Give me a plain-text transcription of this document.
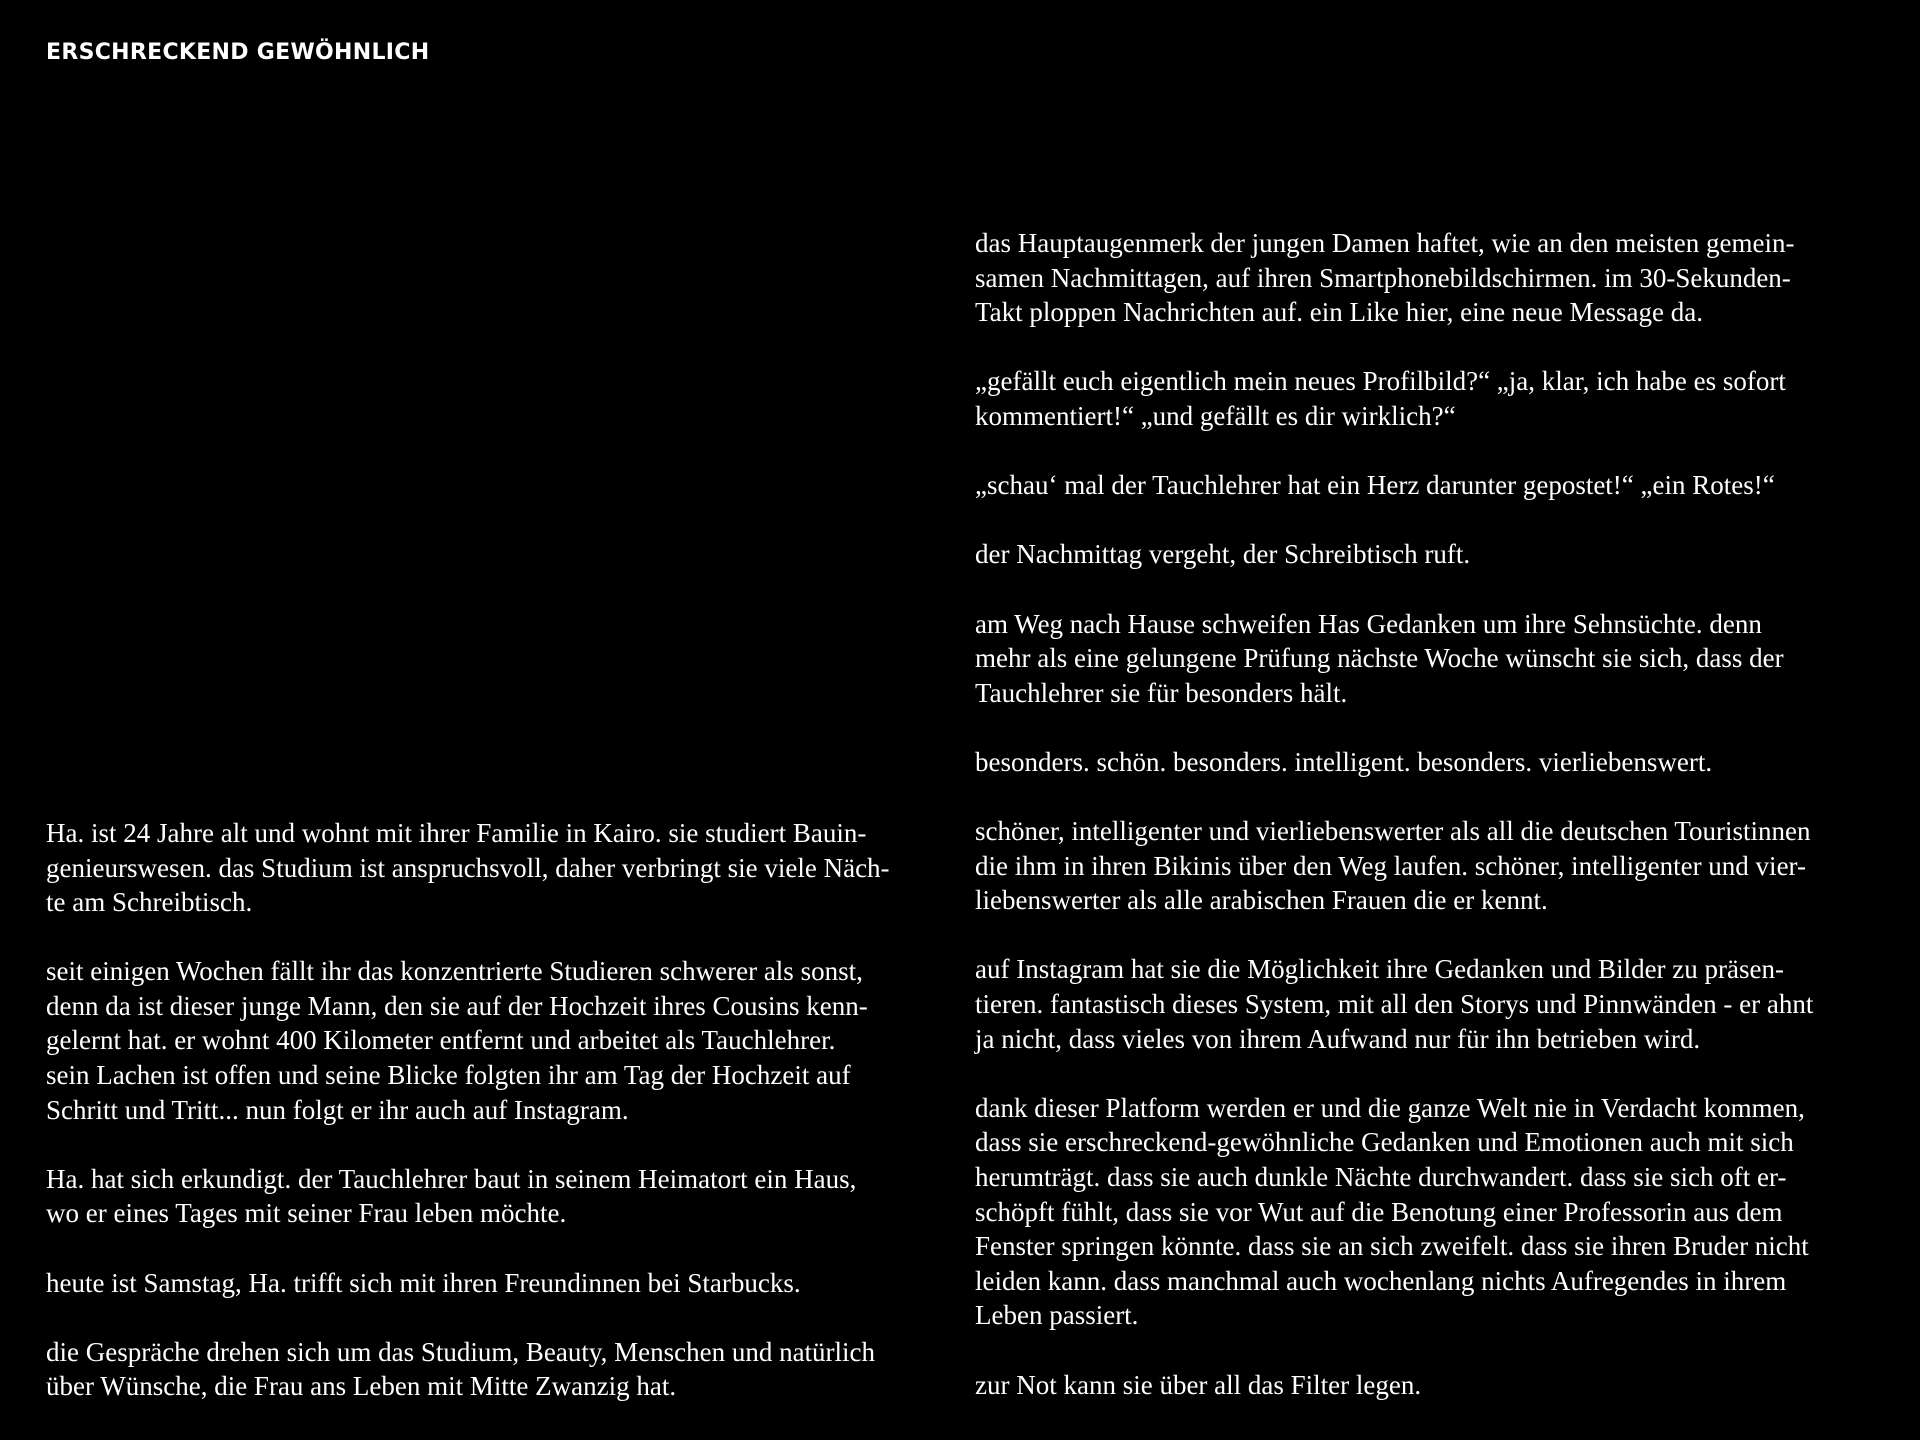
ERSCHRECKEND GEWÖHNLICH

Ha. ist 24 Jahre alt und wohnt mit ihrer Familie in Kairo. sie studiert Bauin-
genieurswesen. das Studium ist anspruchsvoll, daher verbringt sie viele Näch-
te am Schreibtisch.

seit einigen Wochen fällt ihr das konzentrierte Studieren schwerer als sonst,
denn da ist dieser junge Mann, den sie auf der Hochzeit ihres Cousins kenn-
gelernt hat. er wohnt 400 Kilometer entfernt und arbeitet als Tauchlehrer.
sein Lachen ist offen und seine Blicke folgten ihr am Tag der Hochzeit auf
Schritt und Tritt... nun folgt er ihr auch auf Instagram.

Ha. hat sich erkundigt. der Tauchlehrer baut in seinem Heimatort ein Haus,
wo er eines Tages mit seiner Frau leben möchte.

heute ist Samstag, Ha. trifft sich mit ihren Freundinnen bei Starbucks.

die Gespräche drehen sich um das Studium, Beauty, Menschen und natürlich
über Wünsche, die Frau ans Leben mit Mitte Zwanzig hat.

das Hauptaugenmerk der jungen Damen haftet, wie an den meisten gemein-
samen Nachmittagen, auf ihren Smartphonebildschirmen. im 30-Sekunden-
Takt ploppen Nachrichten auf. ein Like hier, eine neue Message da.

„gefällt euch eigentlich mein neues Profilbild?“ „ja, klar, ich habe es sofort
kommentiert!“ „und gefällt es dir wirklich?“

„schau‘ mal der Tauchlehrer hat ein Herz darunter gepostet!“ „ein Rotes!“

der Nachmittag vergeht, der Schreibtisch ruft.

am Weg nach Hause schweifen Has Gedanken um ihre Sehnsüchte. denn
mehr als eine gelungene Prüfung nächste Woche wünscht sie sich, dass der
Tauchlehrer sie für besonders hält.

besonders. schön. besonders. intelligent. besonders. vierliebenswert.

schöner, intelligenter und vierliebenswerter als all die deutschen Touristinnen
die ihm in ihren Bikinis über den Weg laufen. schöner, intelligenter und vier-
liebenswerter als alle arabischen Frauen die er kennt.

auf Instagram hat sie die Möglichkeit ihre Gedanken und Bilder zu präsen-
tieren. fantastisch dieses System, mit all den Storys und Pinnwänden - er ahnt
ja nicht, dass vieles von ihrem Aufwand nur für ihn betrieben wird.

dank dieser Platform werden er und die ganze Welt nie in Verdacht kommen,
dass sie erschreckend-gewöhnliche Gedanken und Emotionen auch mit sich
herumträgt. dass sie auch dunkle Nächte durchwandert. dass sie sich oft er-
schöpft fühlt, dass sie vor Wut auf die Benotung einer Professorin aus dem
Fenster springen könnte. dass sie an sich zweifelt. dass sie ihren Bruder nicht
leiden kann. dass manchmal auch wochenlang nichts Aufregendes in ihrem
Leben passiert.

zur Not kann sie über all das Filter legen.
